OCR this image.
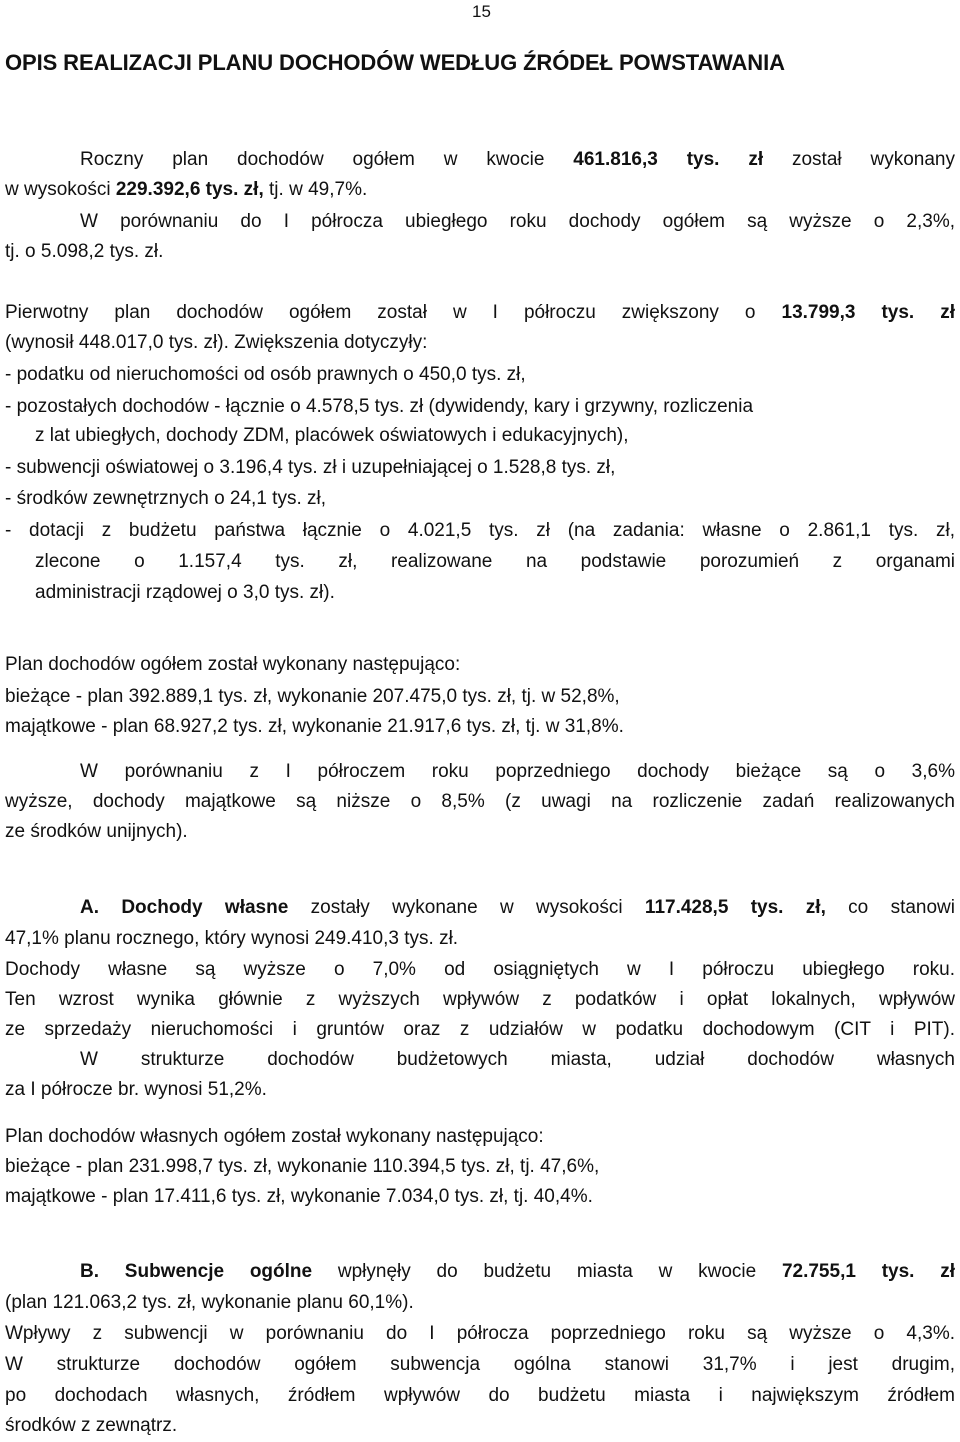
15
OPIS REALIZACJI PLANU DOCHODÓW WEDŁUG ŹRÓDEŁ POWSTAWANIA
Roczny plan dochodów ogółem w kwocie 461.816,3 tys. zł został wykonany
w wysokości 229.392,6 tys. zł, tj. w 49,7%.
W porównaniu do I półrocza ubiegłego roku dochody ogółem są wyższe o 2,3%,
tj. o 5.098,2 tys. zł.
Pierwotny plan dochodów ogółem został w I półroczu zwiększony o 13.799,3 tys. zł
(wynosił 448.017,0 tys. zł). Zwiększenia dotyczyły:
- podatku od nieruchomości od osób prawnych o 450,0 tys. zł,
- pozostałych dochodów - łącznie o 4.578,5 tys. zł (dywidendy, kary i grzywny, rozliczenia
z lat ubiegłych, dochody ZDM, placówek oświatowych i edukacyjnych),
- subwencji oświatowej o 3.196,4 tys. zł i uzupełniającej o 1.528,8 tys. zł,
- środków zewnętrznych o 24,1 tys. zł,
- dotacji z budżetu państwa łącznie o 4.021,5 tys. zł (na zadania: własne o 2.861,1 tys. zł,
zlecone o 1.157,4 tys. zł, realizowane na podstawie porozumień z organami
administracji rządowej o 3,0 tys. zł).
Plan dochodów ogółem został wykonany następująco:
bieżące - plan 392.889,1 tys. zł, wykonanie 207.475,0 tys. zł, tj. w 52,8%,
majątkowe - plan 68.927,2 tys. zł, wykonanie 21.917,6 tys. zł, tj. w 31,8%.
W porównaniu z I półroczem roku poprzedniego dochody bieżące są o 3,6%
wyższe, dochody majątkowe są niższe o 8,5% (z uwagi na rozliczenie zadań realizowanych
ze środków unijnych).
A. Dochody własne zostały wykonane w wysokości 117.428,5 tys. zł, co stanowi
47,1% planu rocznego, który wynosi 249.410,3 tys. zł.
Dochody własne są wyższe o 7,0% od osiągniętych w I półroczu ubiegłego roku.
Ten wzrost wynika głównie z wyższych wpływów z podatków i opłat lokalnych, wpływów
ze sprzedaży nieruchomości i gruntów oraz z udziałów w podatku dochodowym (CIT i PIT).
W strukturze dochodów budżetowych miasta, udział dochodów własnych
za I półrocze br. wynosi 51,2%.
Plan dochodów własnych ogółem został wykonany następująco:
bieżące - plan 231.998,7 tys. zł, wykonanie 110.394,5 tys. zł, tj. 47,6%,
majątkowe - plan 17.411,6 tys. zł, wykonanie 7.034,0 tys. zł, tj. 40,4%.
B. Subwencje ogólne wpłynęły do budżetu miasta w kwocie 72.755,1 tys. zł
(plan 121.063,2 tys. zł, wykonanie planu 60,1%).
Wpływy z subwencji w porównaniu do I półrocza poprzedniego roku są wyższe o 4,3%.
W strukturze dochodów ogółem subwencja ogólna stanowi 31,7% i jest drugim,
po dochodach własnych, źródłem wpływów do budżetu miasta i największym źródłem
środków z zewnątrz.
